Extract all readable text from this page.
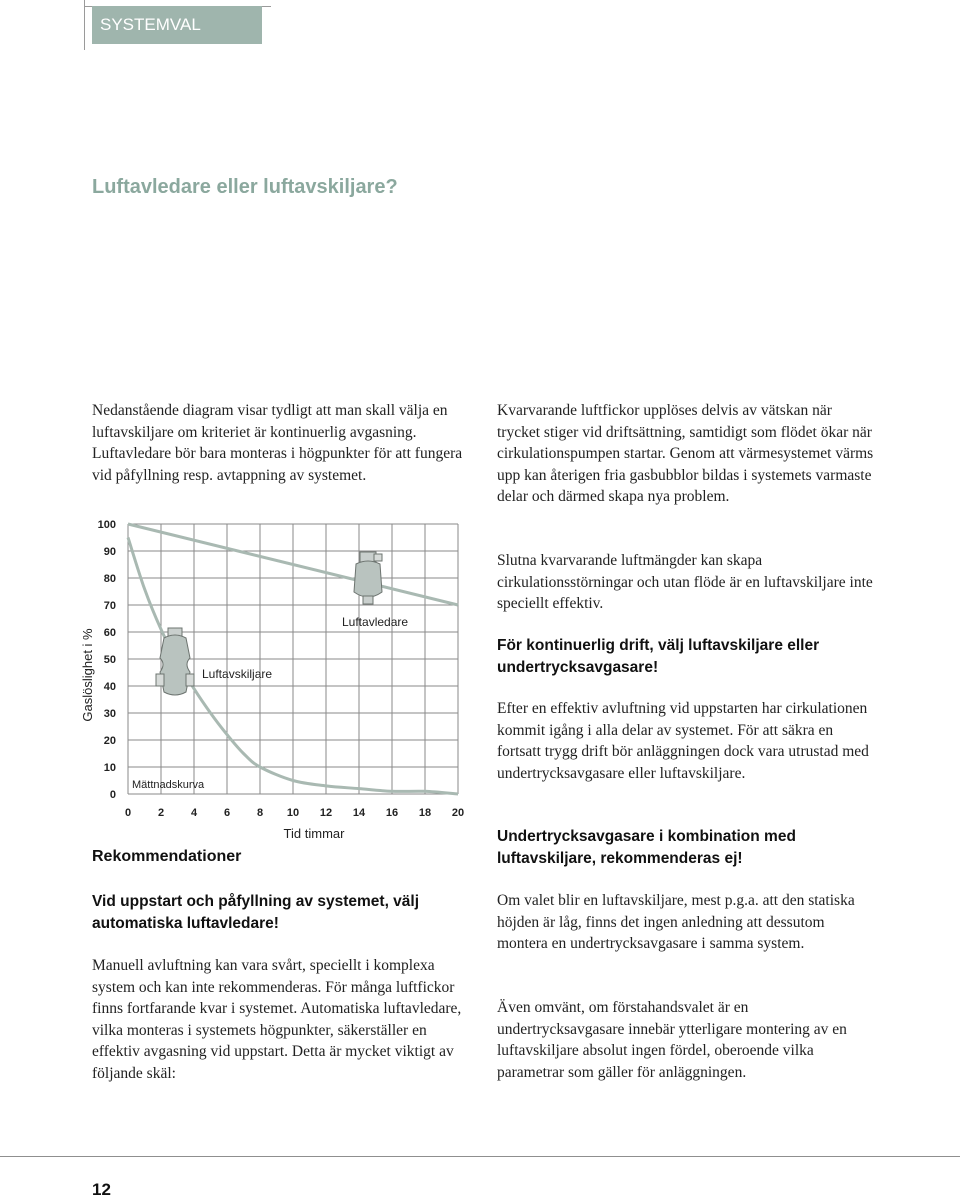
SYSTEMVAL
Luftavledare eller luftavskiljare?

Nedanstående diagram visar tydligt att man skall välja en luftavskiljare om kriteriet är kontinuerlig avgasning. Luftavledare bör bara monteras i högpunkter för att fungera vid påfyllning resp. avtappning av systemet.

0
10
20
30
40
50
60
70
80
90
100
0 2 4 6 8 10 12 14 16 18 20
Luftavledare
Luftavskiljare
Mättnadskurva
Tid timmar
Gaslöslighet i %
Rekommendationer

Vid uppstart och påfyllning av systemet, välj automatiska luftavledare!

Manuell avluftning kan vara svårt, speciellt i komplexa system och kan inte rekommenderas. För många luftfickor finns fortfarande kvar i systemet. Automatiska luftavledare, vilka monteras i systemets högpunkter, säkerställer en effektiv avgasning vid uppstart. Detta är mycket viktigt av följande skäl:

Kvarvarande luftfickor upplöses delvis av vätskan när trycket stiger vid driftsättning, samtidigt som flödet ökar när cirkulationspumpen startar. Genom att värmesystemet värms upp kan återigen fria gasbubblor bildas i systemets varmaste delar och därmed skapa nya problem.

Slutna kvarvarande luftmängder kan skapa cirkulationsstörningar och utan flöde är en luftavskiljare inte speciellt effektiv.

För kontinuerlig drift, välj luftavskiljare eller undertrycksavgasare!

Efter en effektiv avluftning vid uppstarten har cirkulationen kommit igång i alla delar av systemet. För att säkra en fortsatt trygg drift bör anläggningen dock vara utrustad med undertrycksavgasare eller luftavskiljare.

Undertrycksavgasare i kombination med luftavskiljare, rekommenderas ej!

Om valet blir en luftavskiljare, mest p.g.a. att den statiska höjden är låg, finns det ingen anledning att dessutom montera en undertrycksavgasare i samma system.

Även omvänt, om förstahandsvalet är en undertrycksavgasare innebär ytterligare montering av en luftavskiljare absolut ingen fördel, oberoende vilka parametrar som gäller för anläggningen.

12
